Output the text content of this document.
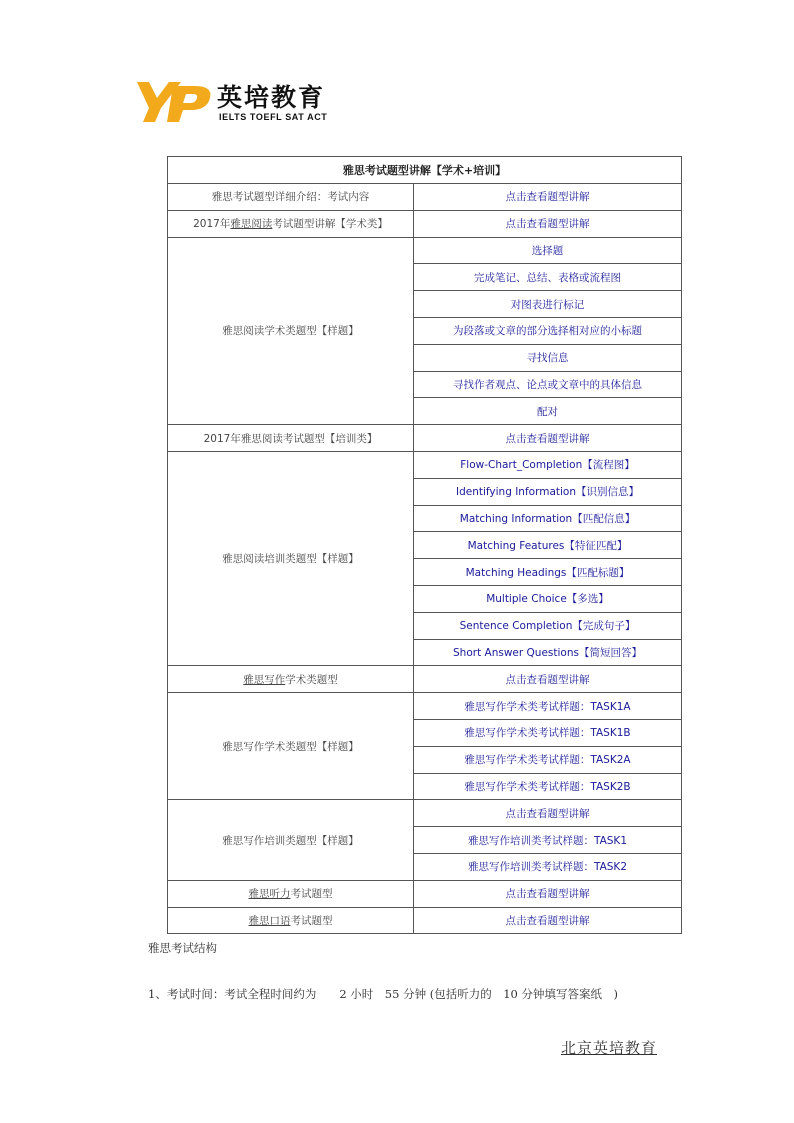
英培教育
IELTS TOEFL SAT ACT
雅思考试题型讲解【学术+培训】	
雅思考试题型详细介绍：考试内容	点击查看题型讲解
2017年雅思阅读考试题型讲解【学术类】	点击查看题型讲解
雅思阅读学术类题型【样题】	选择题
	完成笔记、总结、表格或流程图
	对图表进行标记
	为段落或文章的部分选择相对应的小标题
	寻找信息
	寻找作者观点、论点或文章中的具体信息
	配对
2017年雅思阅读考试题型【培训类】	点击查看题型讲解
雅思阅读培训类题型【样题】	Flow-Chart_Completion【流程图】
	Identifying Information【识别信息】
	Matching Information【匹配信息】
	Matching Features【特征匹配】
	Matching Headings【匹配标题】
	Multiple Choice【多选】
	Sentence Completion【完成句子】
	Short Answer Questions【简短回答】
雅思写作学术类题型	点击查看题型讲解
雅思写作学术类题型【样题】	雅思写作学术类考试样题：TASK1A
	雅思写作学术类考试样题：TASK1B
	雅思写作学术类考试样题：TASK2A
	雅思写作学术类考试样题：TASK2B
雅思写作培训类题型【样题】	点击查看题型讲解
	雅思写作培训类考试样题：TASK1
	雅思写作培训类考试样题：TASK2
雅思听力考试题型	点击查看题型讲解
雅思口语考试题型	点击查看题型讲解
雅思考试结构
1、考试时间：考试全程时间约为　　2 小时　55 分钟 (包括听力的　10 分钟填写答案纸　)
北京英培教育
